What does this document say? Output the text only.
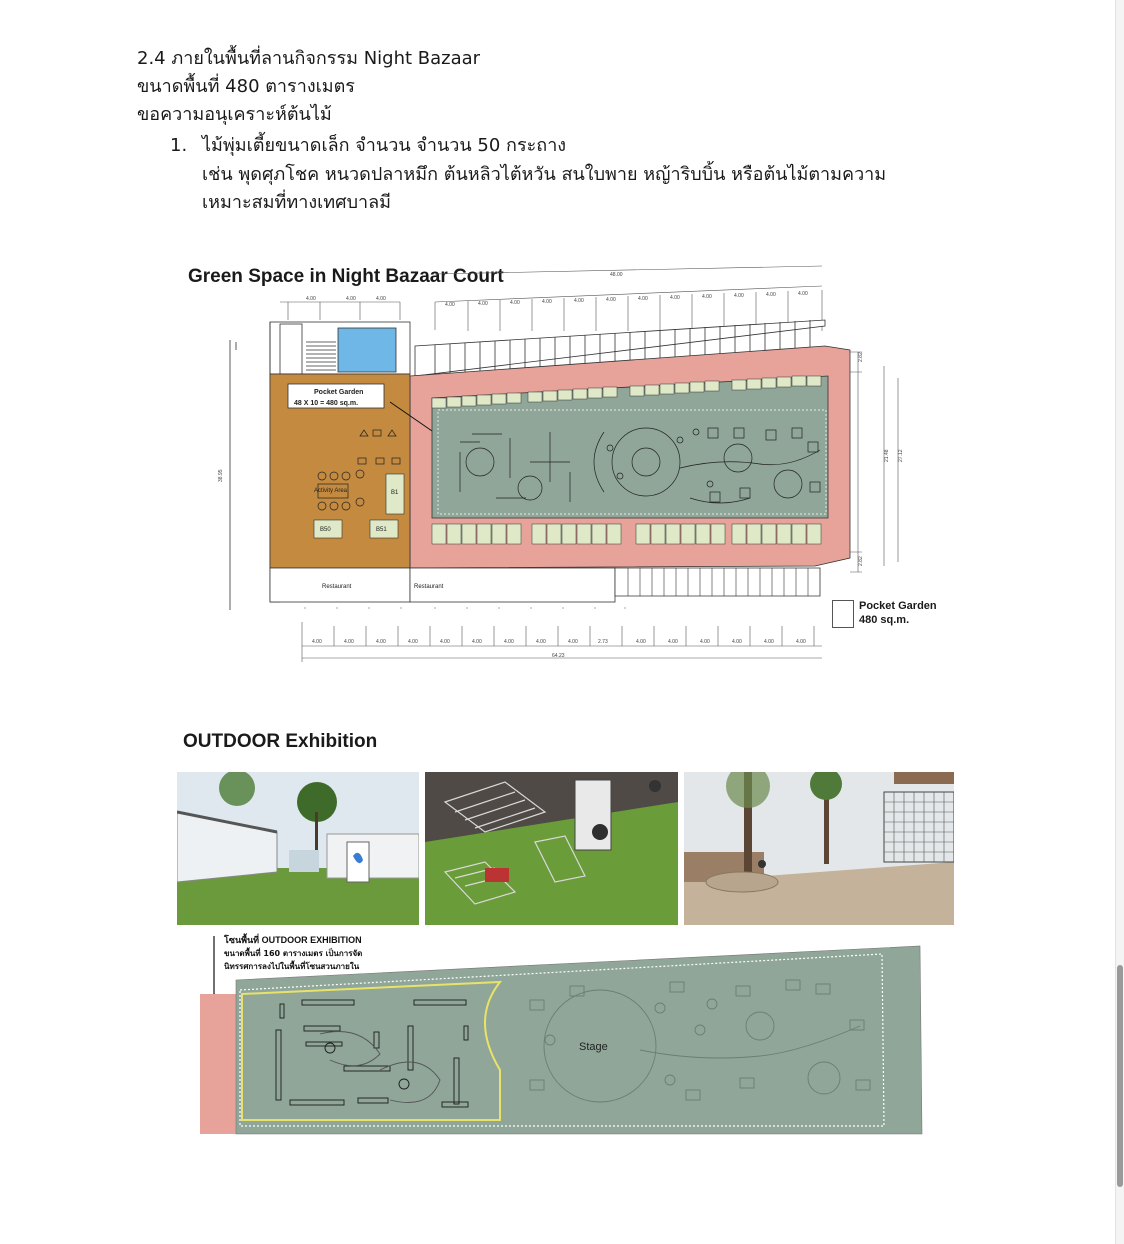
2.4 ภายในพื้นที่ลานกิจกรรม Night Bazaar
ขนาดพื้นที่ 480 ตารางเมตร
ขอความอนุเคราะห์ต้นไม้
1. ไม้พุ่มเตี้ยขนาดเล็ก จำนวน จำนวน 50 กระถาง
เช่น พุดศุภโชค หนวดปลาหมึก ต้นหลิวไต้หวัน สนใบพาย หญ้าริบบิ้น หรือต้นไม้ตามความ
เหมาะสมที่ทางเทศบาลมี
Green Space in Night Bazaar Court	48.00
4.00	4.00	4.00	4.00	4.00	4.00	4.00	4.00	4.00	4.00	4.00	4.00
4.00	4.00	4.00
Pocket Garden
48 X 10 = 480 sq.m.
Activity Area	B1
B50	B51
Restaurant	Restaurant
2.82
2.82
21.48 27.12
38.95
4.00	4.00	4.00	4.00	4.00	4.00	4.00	4.00	4.00	2.73	4.00	4.00	4.00	4.00	4.00	4.00
64.23
Pocket Garden
480 sq.m.
OUTDOOR Exhibition
โซนพื้นที่ OUTDOOR EXHIBITION
ขนาดพื้นที่ 160 ตารางเมตร เป็นการจัด
นิทรรศการลงไปในพื้นที่โซนสวนภายใน
Stage
